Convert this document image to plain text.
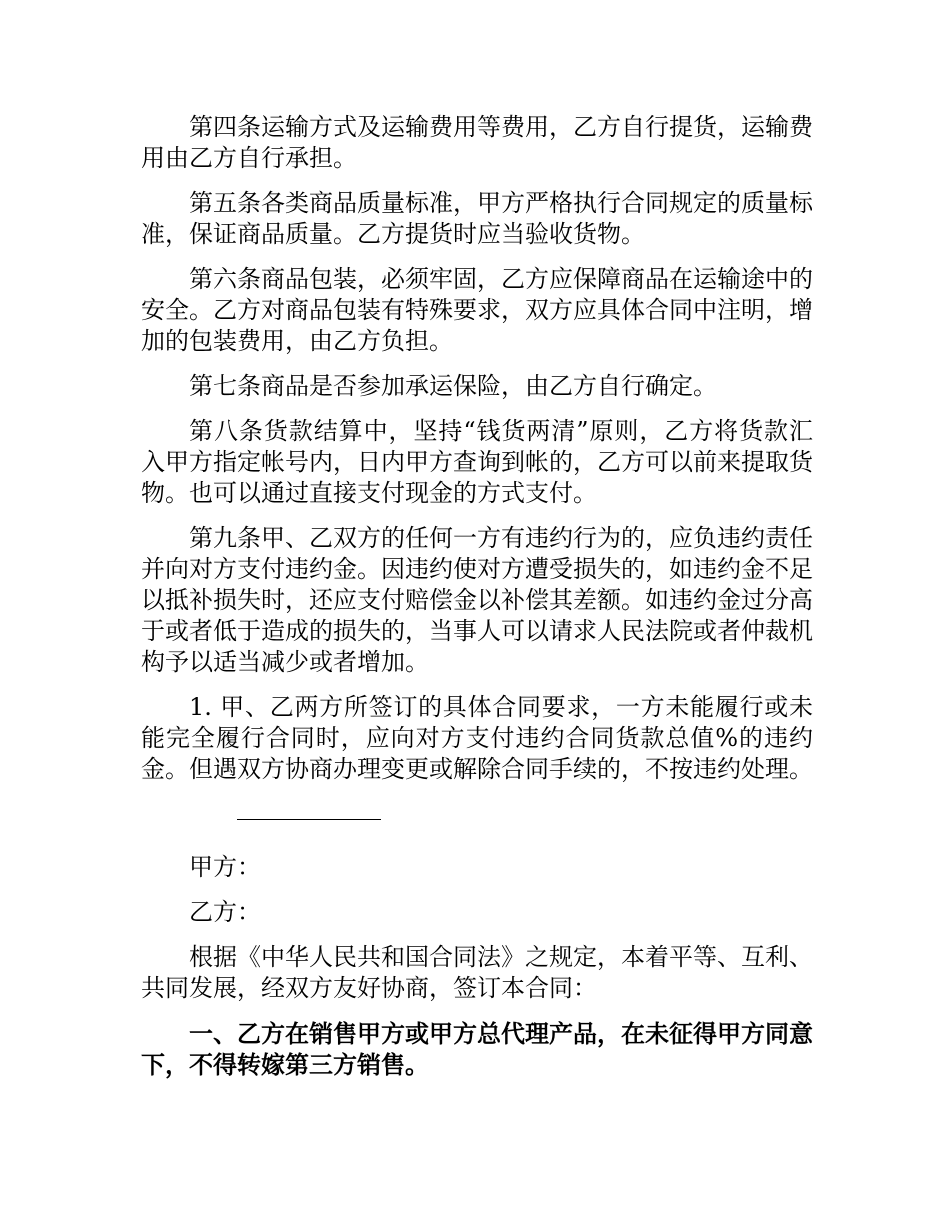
第四条运输方式及运输费用等费用，乙方自行提货，运输费用由乙方自行承担。

第五条各类商品质量标准，甲方严格执行合同规定的质量标准，保证商品质量。乙方提货时应当验收货物。

第六条商品包装，必须牢固，乙方应保障商品在运输途中的安全。乙方对商品包装有特殊要求，双方应具体合同中注明，增加的包装费用，由乙方负担。

第七条商品是否参加承运保险，由乙方自行确定。

第八条货款结算中，坚持“钱货两清”原则，乙方将货款汇入甲方指定帐号内，日内甲方查询到帐的，乙方可以前来提取货物。也可以通过直接支付现金的方式支付。

第九条甲、乙双方的任何一方有违约行为的，应负违约责任并向对方支付违约金。因违约使对方遭受损失的，如违约金不足以抵补损失时，还应支付赔偿金以补偿其差额。如违约金过分高于或者低于造成的损失的，当事人可以请求人民法院或者仲裁机构予以适当减少或者增加。

1. 甲、乙两方所签订的具体合同要求，一方未能履行或未能完全履行合同时，应向对方支付违约合同货款总值%的违约金。但遇双方协商办理变更或解除合同手续的，不按违约处理。

甲方：

乙方：

根据《中华人民共和国合同法》之规定，本着平等、互利、共同发展，经双方友好协商，签订本合同：

一、乙方在销售甲方或甲方总代理产品，在未征得甲方同意下，不得转嫁第三方销售。
